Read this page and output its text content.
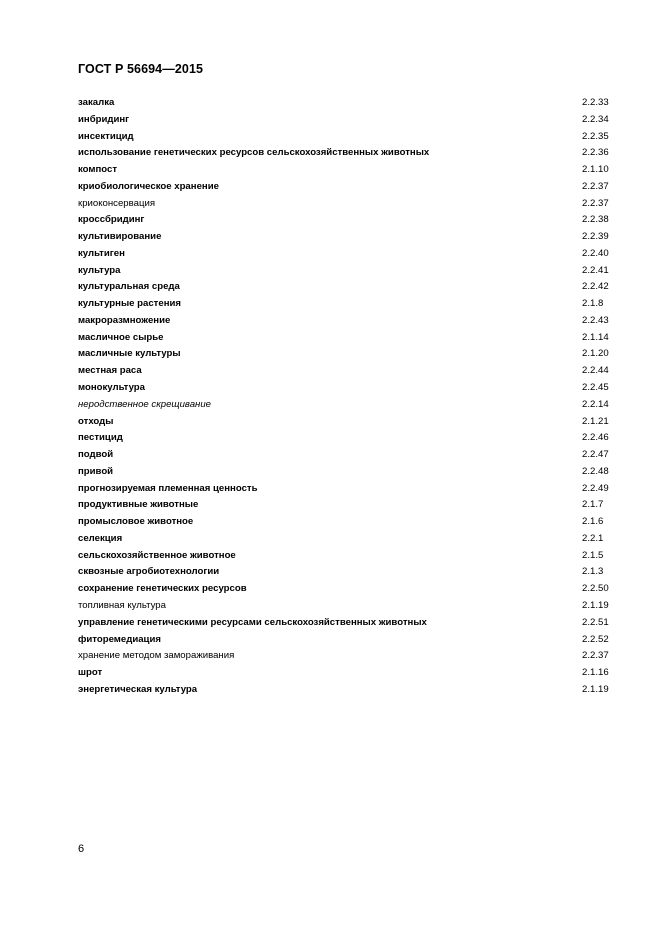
ГОСТ Р 56694—2015
закалка	2.2.33
инбридинг	2.2.34
инсектицид	2.2.35
использование генетических ресурсов сельскохозяйственных животных	2.2.36
компост	2.1.10
криобиологическое хранение	2.2.37
криоконсервация	2.2.37
кроссбридинг	2.2.38
культивирование	2.2.39
культиген	2.2.40
культура	2.2.41
культуральная среда	2.2.42
культурные растения	2.1.8
макроразмножение	2.2.43
масличное сырье	2.1.14
масличные культуры	2.1.20
местная раса	2.2.44
монокультура	2.2.45
неродственное скрещивание	2.2.14
отходы	2.1.21
пестицид	2.2.46
подвой	2.2.47
привой	2.2.48
прогнозируемая племенная ценность	2.2.49
продуктивные животные	2.1.7
промысловое животное	2.1.6
селекция	2.2.1
сельскохозяйственное животное	2.1.5
сквозные агробиотехнологии	2.1.3
сохранение генетических ресурсов	2.2.50
топливная культура	2.1.19
управление генетическими ресурсами сельскохозяйственных животных	2.2.51
фиторемедиация	2.2.52
хранение методом замораживания	2.2.37
шрот	2.1.16
энергетическая культура	2.1.19
6
